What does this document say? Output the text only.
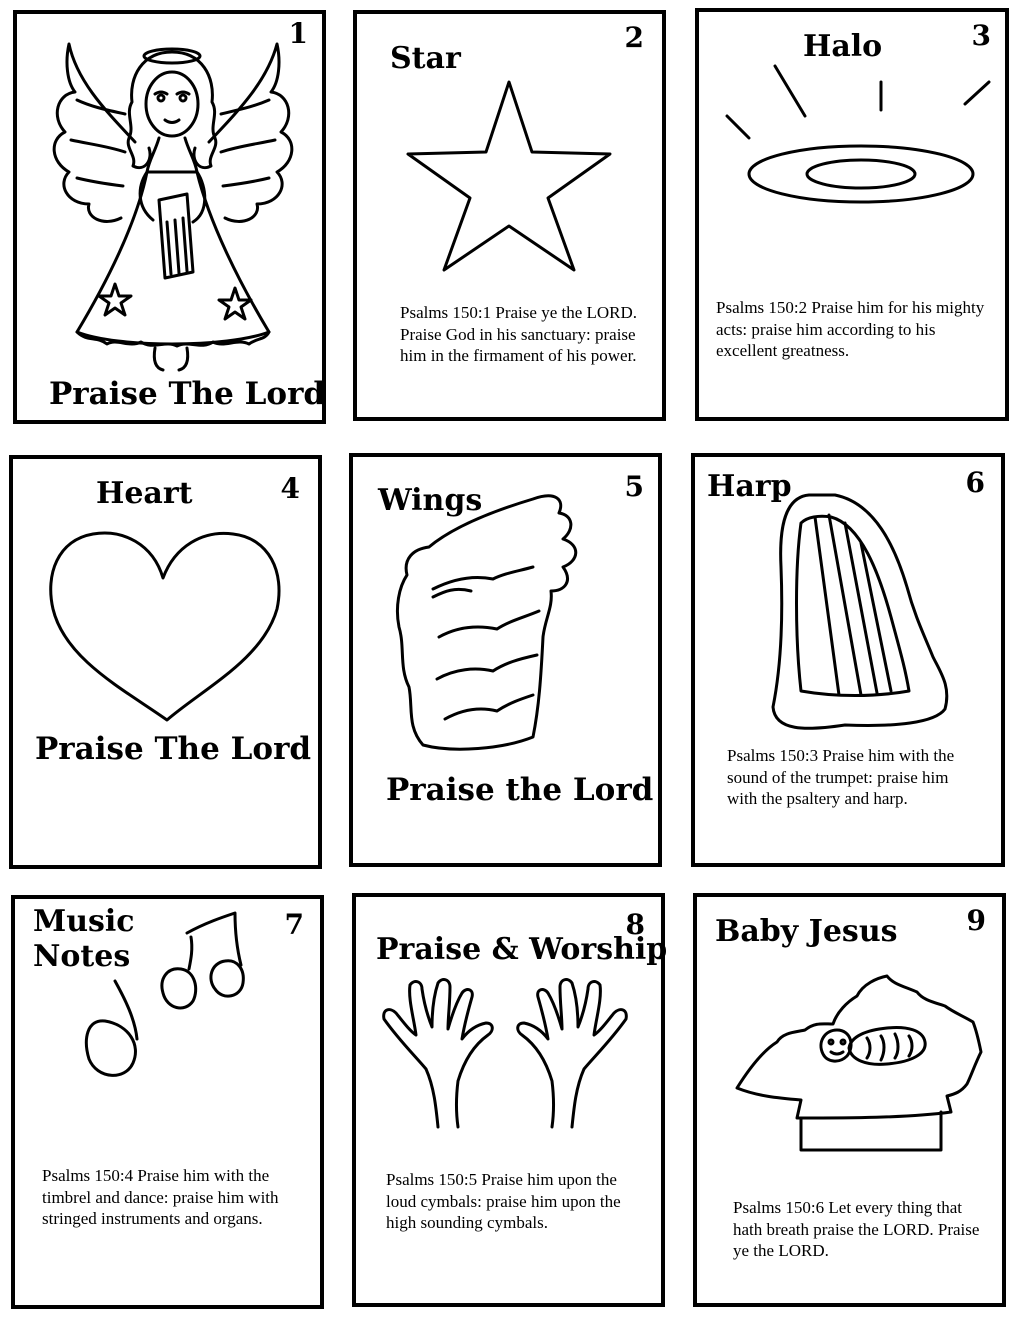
1
Praise The Lord
Star
2
Psalms 150:1 Praise ye the LORD. Praise God in his sanctuary: praise him in the firmament of his power.
Halo	3
Psalms 150:2 Praise him for his mighty acts: praise him according to his excellent greatness.
Heart	4
Praise The Lord
Wings	5
Praise the Lord
Harp	6
Psalms 150:3 Praise him with the sound of the trumpet: praise him with the psaltery and harp.
Music
Notes
7
Psalms 150:4 Praise him with the timbrel and dance: praise him with stringed instruments and organs.
Praise & Worship
8
Psalms 150:5 Praise him upon the loud cymbals: praise him upon the high sounding cymbals.
Baby Jesus 9
Psalms 150:6 Let every thing that hath breath praise the LORD. Praise ye the LORD.
